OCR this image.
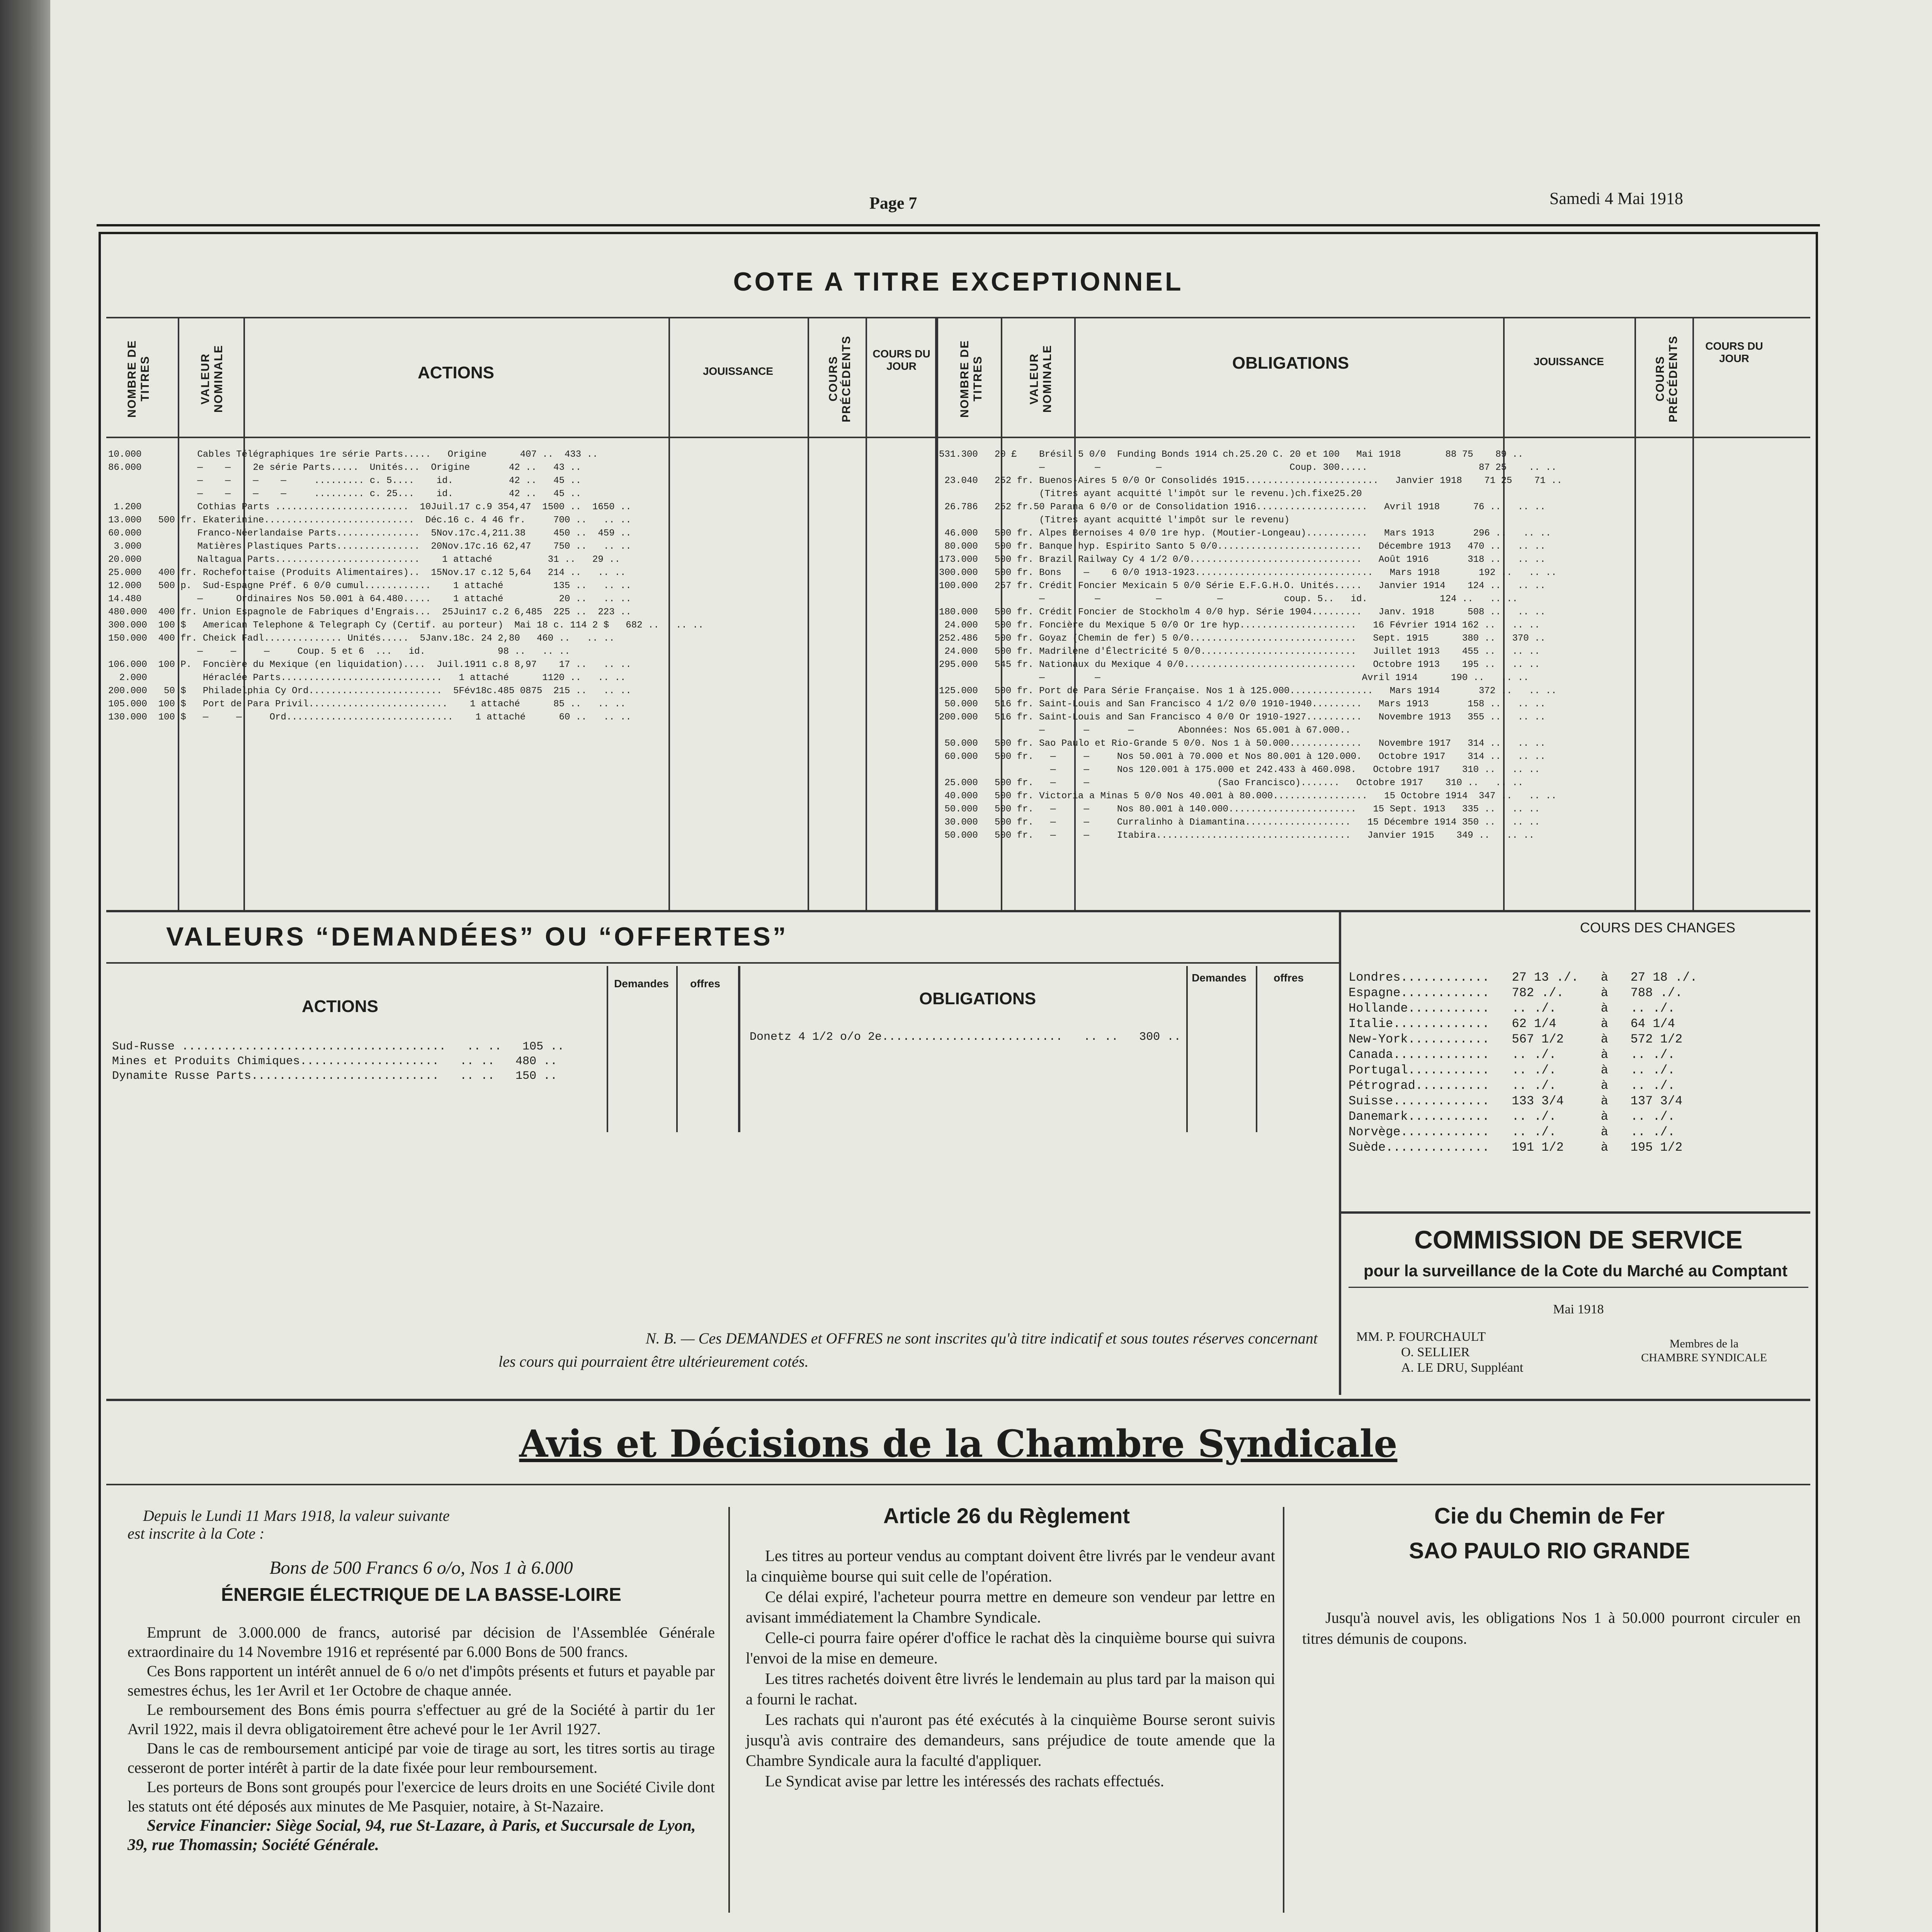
Page 7	Samedi 4 Mai 1918
COTE A TITRE EXCEPTIONNEL
NOMBRE DE TITRES	VALEUR NOMINALE	ACTIONS	JOUISSANCE	COURS PRÉCÉDENTS	COURS DU JOUR	NOMBRE DE TITRES	VALEUR NOMINALE	OBLIGATIONS	JOUISSANCE	COURS PRÉCÉDENTS	COURS DU JOUR
10.000          Cables Télégraphiques 1re série Parts.....   Origine      407 ..  433 ..
86.000          —    —    2e série Parts.....  Unités...  Origine       42 ..   43 ..
—    —    —    —     ......... c. 5....    id.          42 ..   45 ..
—    —    —    —     ......... c. 25...    id.          42 ..   45 ..
1.200          Cothias Parts ........................  10Juil.17 c.9 354,47  1500 ..  1650 ..
13.000   500 fr. Ekaterinine...........................  Déc.16 c. 4 46 fr.     700 ..   .. ..
60.000          Franco-Néerlandaise Parts...............  5Nov.17c.4,211.38     450 ..  459 ..
3.000          Matières Plastiques Parts...............  20Nov.17c.16 62,47    750 ..   .. ..
20.000          Naltagua Parts..........................    1 attaché          31 ..   29 ..
25.000   400 fr. Rochefortaise (Produits Alimentaires)..  15Nov.17 c.12 5,64   214 ..   .. ..
12.000   500 p.  Sud-Espagne Préf. 6 0/0 cumul............    1 attaché         135 ..   .. ..
14.480          —      Ordinaires Nos 50.001 à 64.480.....    1 attaché          20 ..   .. ..
480.000  400 fr. Union Espagnole de Fabriques d'Engrais...  25Juin17 c.2 6,485  225 ..  223 ..
300.000  100 $   American Telephone & Telegraph Cy (Certif. au porteur)  Mai 18 c. 114 2 $   682 ..   .. ..
150.000  400 fr. Cheick Fadl.............. Unités.....  5Janv.18c. 24 2,80   460 ..   .. ..
—     —     —     Coup. 5 et 6  ...   id.             98 ..   .. ..
106.000  100 P.  Foncière du Mexique (en liquidation)....  Juil.1911 c.8 8,97    17 ..   .. ..
2.000          Héraclée Parts.............................   1 attaché      1120 ..   .. ..
200.000   50 $   Philadelphia Cy Ord........................  5Fév18c.485 0875  215 ..   .. ..
105.000  100 $   Port de Para Privil.........................    1 attaché      85 ..   .. ..
130.000  100 $   —     —     Ord..............................    1 attaché      60 ..   .. ..
531.300   20 £    Brésil 5 0/0  Funding Bonds 1914 ch.25.20 C. 20 et 100   Mai 1918        88 75    89 ..
—         —          —                       Coup. 300.....                    87 25    .. ..
23.040   252 fr. Buenos-Aires 5 0/0 Or Consolidés 1915........................   Janvier 1918    71 25    71 ..
(Titres ayant acquitté l'impôt sur le revenu.)ch.fixe25.20
26.786   252 fr.50 Parana 6 0/0 or de Consolidation 1916....................   Avril 1918      76 ..   .. ..
(Titres ayant acquitté l'impôt sur le revenu)
46.000   500 fr. Alpes Bernoises 4 0/0 1re hyp. (Moutier-Longeau)...........   Mars 1913       296 ..   .. ..
80.000   500 fr. Banque hyp. Espirito Santo 5 0/0..........................   Décembre 1913   470 ..   .. ..
173.000   500 fr. Brazil Railway Cy 4 1/2 0/0...............................   Août 1916       318 ..   .. ..
300.000   500 fr. Bons    —    6 0/0 1913-1923................................   Mars 1918       192 ..   .. ..
100.000   257 fr. Crédit Foncier Mexicain 5 0/0 Série E.F.G.H.O. Unités.....   Janvier 1914    124 ..   .. ..
—         —          —          —           coup. 5..   id.             124 ..   .. ..
180.000   500 fr. Crédit Foncier de Stockholm 4 0/0 hyp. Série 1904.........   Janv. 1918      508 ..   .. ..
24.000   500 fr. Foncière du Mexique 5 0/0 Or 1re hyp.....................   16 Février 1914 162 ..   .. ..
252.486   500 fr. Goyaz (Chemin de fer) 5 0/0..............................   Sept. 1915      380 ..   370 ..
24.000   500 fr. Madrilène d'Électricité 5 0/0............................   Juillet 1913    455 ..   .. ..
295.000   545 fr. Nationaux du Mexique 4 0/0...............................   Octobre 1913    195 ..   .. ..
—         —                                               Avril 1914      190 ..   .. ..
125.000   500 fr. Port de Para Série Française. Nos 1 à 125.000...............   Mars 1914       372 ..   .. ..
50.000   516 fr. Saint-Louis and San Francisco 4 1/2 0/0 1910-1940.........   Mars 1913       158 ..   .. ..
200.000   516 fr. Saint-Louis and San Francisco 4 0/0 Or 1910-1927..........   Novembre 1913   355 ..   .. ..
—       —       —        Abonnées: Nos 65.001 à 67.000..
50.000   500 fr. Sao Paulo et Rio-Grande 5 0/0. Nos 1 à 50.000.............   Novembre 1917   314 ..   .. ..
60.000   500 fr.   —     —     Nos 50.001 à 70.000 et Nos 80.001 à 120.000.   Octobre 1917    314 ..   .. ..
—     —     Nos 120.001 à 175.000 et 242.433 à 460.098.   Octobre 1917    310 ..   .. ..
25.000   500 fr.   —     —                       (Sao Francisco).......   Octobre 1917    310 ..   .. ..
40.000   500 fr. Victoria a Minas 5 0/0 Nos 40.001 à 80.000.................   15 Octobre 1914  347 ..   .. ..
50.000   500 fr.   —     —     Nos 80.001 à 140.000.......................   15 Sept. 1913   335 ..   .. ..
30.000   500 fr.   —     —     Curralinho à Diamantina...................   15 Décembre 1914 350 ..   .. ..
50.000   500 fr.   —     —     Itabira...................................   Janvier 1915    349 ..   .. ..
VALEURS “DEMANDÉES” OU “OFFERTES”
ACTIONS
Demandes	offres
OBLIGATIONS
Demandes	offres
Sud-Russe ......................................   .. ..   105 ..
Mines et Produits Chimiques....................   .. ..   480 ..
Dynamite Russe Parts...........................   .. ..   150 ..
Donetz 4 1/2 o/o 2e..........................   .. ..   300 ..
N. B. — Ces DEMANDES et OFFRES ne sont inscrites qu'à titre indicatif et sous toutes réserves concernant
les cours qui pourraient être ultérieurement cotés.
COURS DES CHANGES
Londres............   27 13 ./.   à   27 18 ./.
Espagne............   782 ./.     à   788 ./.
Hollande...........   .. ./.      à   .. ./.
Italie.............   62 1/4      à   64 1/4
New-York...........   567 1/2     à   572 1/2
Canada.............   .. ./.      à   .. ./.
Portugal...........   .. ./.      à   .. ./.
Pétrograd..........   .. ./.      à   .. ./.
Suisse.............   133 3/4     à   137 3/4
Danemark...........   .. ./.      à   .. ./.
Norvège............   .. ./.      à   .. ./.
Suède..............   191 1/2     à   195 1/2
COMMISSION DE SERVICE
pour la surveillance de la Cote du Marché au Comptant
Mai 1918
MM. P. FOURCHAULT
O. SELLIER
A. LE DRU, Suppléant
Membres de la
CHAMBRE SYNDICALE
Avis et Décisions de la Chambre Syndicale
Depuis le Lundi 11 Mars 1918, la valeur suivante
est inscrite à la Cote :
Bons de 500 Francs 6 o/o, Nos 1 à 6.000
ÉNERGIE ÉLECTRIQUE DE LA BASSE-LOIRE
Emprunt de 3.000.000 de francs, autorisé par décision de l'Assemblée Générale extraordinaire du 14 Novembre 1916 et représenté par 6.000 Bons de 500 francs.
Ces Bons rapportent un intérêt annuel de 6 o/o net d'impôts présents et futurs et payable par semestres échus, les 1er Avril et 1er Octobre de chaque année.
Le remboursement des Bons émis pourra s'effectuer au gré de la Société à partir du 1er Avril 1922, mais il devra obligatoirement être achevé pour le 1er Avril 1927.
Dans le cas de remboursement anticipé par voie de tirage au sort, les titres sortis au tirage cesseront de porter intérêt à partir de la date fixée pour leur remboursement.
Les porteurs de Bons sont groupés pour l'exercice de leurs droits en une Société Civile dont les statuts ont été déposés aux minutes de Me Pasquier, notaire, à St-Nazaire.
Service Financier: Siège Social, 94, rue St-Lazare, à Paris, et Succursale de Lyon, 39, rue Thomassin; Société Générale.
Article 26 du Règlement
Les titres au porteur vendus au comptant doivent être livrés par le vendeur avant la cinquième bourse qui suit celle de l'opération.
Ce délai expiré, l'acheteur pourra mettre en demeure son vendeur par lettre en avisant immédiatement la Chambre Syndicale.
Celle-ci pourra faire opérer d'office le rachat dès la cinquième bourse qui suivra l'envoi de la mise en demeure.
Les titres rachetés doivent être livrés le lendemain au plus tard par la maison qui a fourni le rachat.
Les rachats qui n'auront pas été exécutés à la cinquième Bourse seront suivis jusqu'à avis contraire des demandeurs, sans préjudice de toute amende que la Chambre Syndicale aura la faculté d'appliquer.
Le Syndicat avise par lettre les intéressés des rachats effectués.
Cie du Chemin de Fer
SAO PAULO RIO GRANDE
Jusqu'à nouvel avis, les obligations Nos 1 à 50.000 pourront circuler en titres démunis de coupons.
